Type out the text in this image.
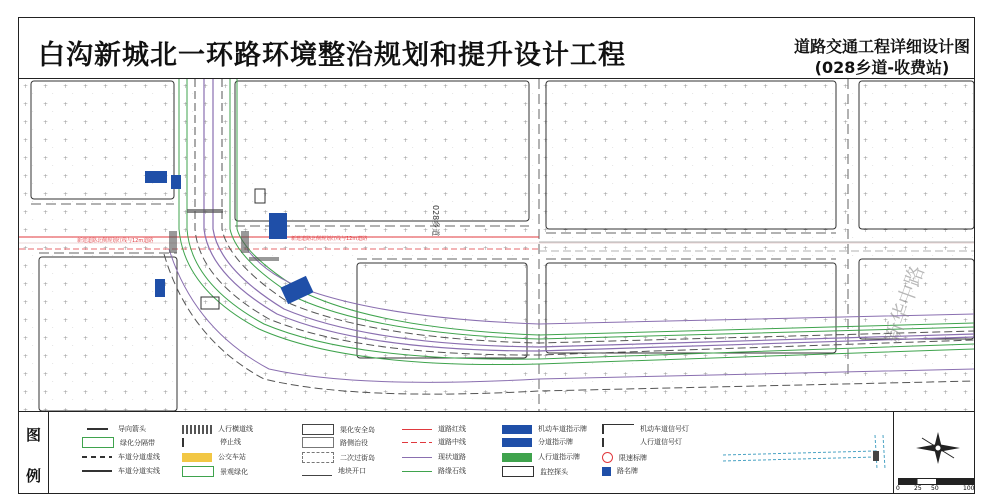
白沟新城北一环路环境整治规划和提升设计工程	道路交通工程详细设计图
(028乡道-收费站)
新建道路北侧规划红线与12m道路	新建道路北侧规划红线与12m道路
028乡道
新华中路
图
例
导向箭头
绿化分隔带
车道分道虚线
车道分道实线
人行横道线
停止线
公交车站
景观绿化
渠化安全岛
路侧治役
二次过街岛
地块开口
道路红线
道路中线
现状道路
路缘石线
机动车道指示牌
分道指示牌
人行道指示牌
监控探头
机动车道信号灯
人行道信号灯
限速标牌
路名牌
0 25 50	100
